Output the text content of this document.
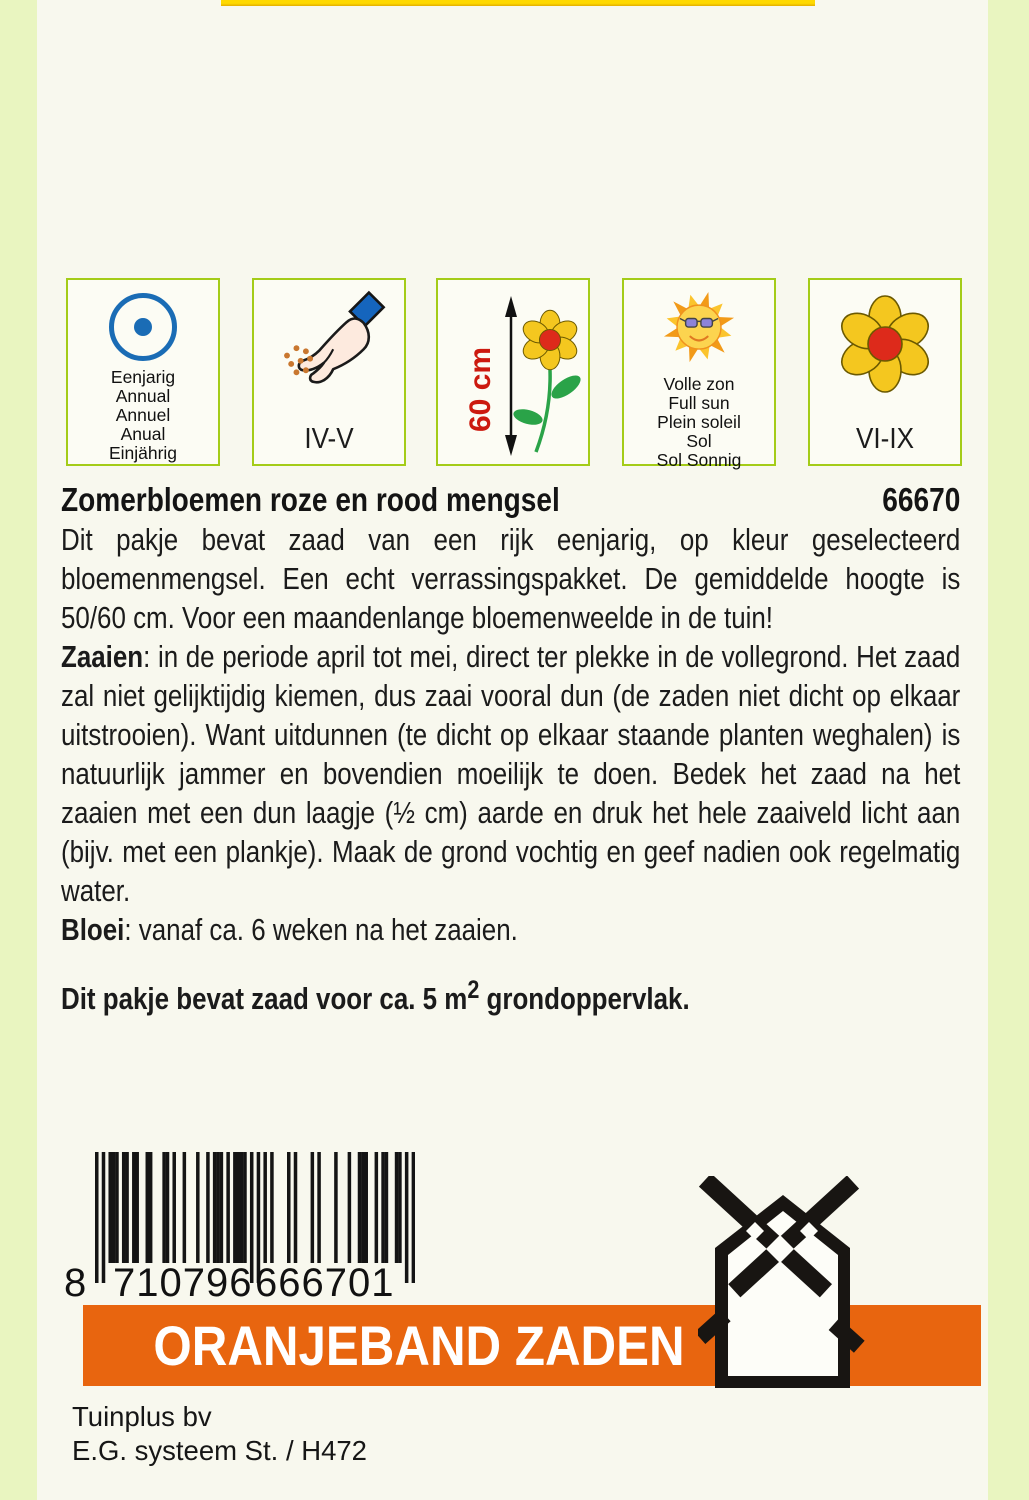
Eenjarig
Annual
Annuel
Anual
Einjährig	IV-V
60 cm	Volle zon
Full sun
Plein soleil
Sol
Sol Sonnig
VI-IX
Zomerbloemen roze en rood mengsel	66670

Dit pakje bevat zaad van een rijk eenjarig, op kleur geselecteerd bloemenmengsel. Een echt verrassingspakket. De gemiddelde hoogte is 50/60 cm. Voor een maandenlange bloemenweelde in de tuin!

Zaaien: in de periode april tot mei, direct ter plekke in de vollegrond. Het zaad zal niet gelijktijdig kiemen, dus zaai vooral dun (de zaden niet dicht op elkaar uitstrooien). Want uitdunnen (te dicht op elkaar staande planten weghalen) is natuurlijk jammer en bovendien moeilijk te doen. Bedek het zaad na het zaaien met een dun laagje (½ cm) aarde en druk het hele zaaiveld licht aan (bijv. met een plankje). Maak de grond vochtig en geef nadien ook regelmatig water.

Bloei: vanaf ca. 6 weken na het zaaien.

Dit pakje bevat zaad voor ca. 5 $m^2$ grondoppervlak.

8 710796 666701
ORANJEBAND ZADEN
Tuinplus bv
E.G. systeem St. / H472
